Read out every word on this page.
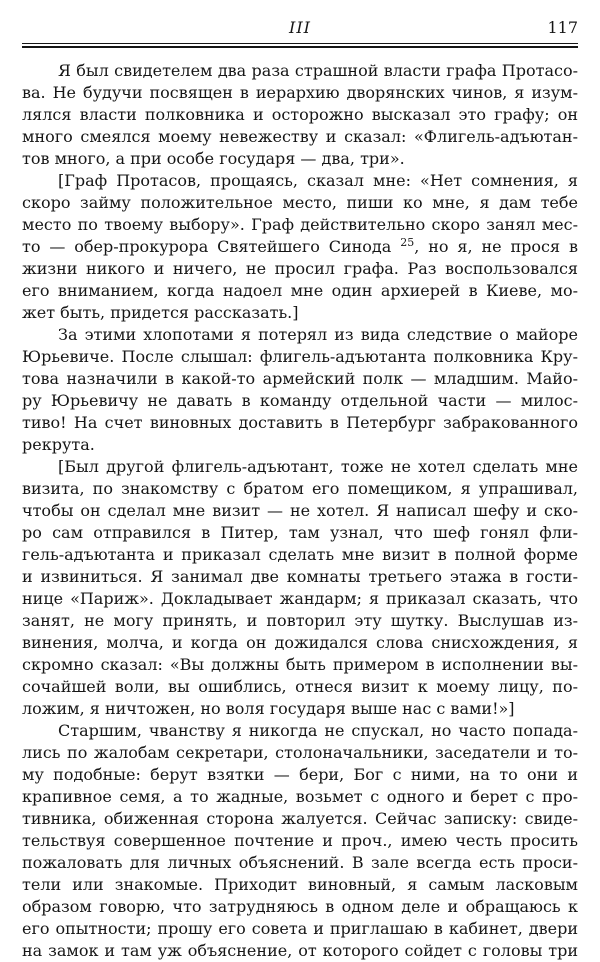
III	117
Я был свидетелем два раза страшной власти графа Протасо-
ва. Не будучи посвящен в иерархию дворянских чинов, я изум-
лялся власти полковника и осторожно высказал это графу; он
много смеялся моему невежеству и сказал: «Флигель-адъютан-
тов много, а при особе государя — два, три».
[Граф Протасов, прощаясь, сказал мне: «Нет сомнения, я
скоро займу положительное место, пиши ко мне, я дам тебе
место по твоему выбору». Граф действительно скоро занял мес-
то — обер-прокурора Святейшего Синода $^{25}$, но я, не прося в
жизни никого и ничего, не просил графа. Раз воспользовался
его вниманием, когда надоел мне один архиерей в Киеве, мо-
жет быть, придется рассказать.]
За этими хлопотами я потерял из вида следствие о майоре
Юрьевиче. После слышал: флигель-адъютанта полковника Кру-
това назначили в какой-то армейский полк — младшим. Майо-
ру Юрьевичу не давать в команду отдельной части — милос-
тиво! На счет виновных доставить в Петербург забракованного
рекрута.
[Был другой флигель-адъютант, тоже не хотел сделать мне
визита, по знакомству с братом его помещиком, я упрашивал,
чтобы он сделал мне визит — не хотел. Я написал шефу и ско-
ро сам отправился в Питер, там узнал, что шеф гонял фли-
гель-адъютанта и приказал сделать мне визит в полной форме
и извиниться. Я занимал две комнаты третьего этажа в гости-
нице «Париж». Докладывает жандарм; я приказал сказать, что
занят, не могу принять, и повторил эту шутку. Выслушав из-
винения, молча, и когда он дожидался слова снисхождения, я
скромно сказал: «Вы должны быть примером в исполнении вы-
сочайшей воли, вы ошиблись, отнеся визит к моему лицу, по-
ложим, я ничтожен, но воля государя выше нас с вами!»]
Старшим, чванству я никогда не спускал, но часто попада-
лись по жалобам секретари, столоначальники, заседатели и то-
му подобные: берут взятки — бери, Бог с ними, на то они и
крапивное семя, а то жадные, возьмет с одного и берет с про-
тивника, обиженная сторона жалуется. Сейчас записку: свиде-
тельствуя совершенное почтение и проч., имею честь просить
пожаловать для личных объяснений. В зале всегда есть проси-
тели или знакомые. Приходит виновный, я самым ласковым
образом говорю, что затрудняюсь в одном деле и обращаюсь к
его опытности; прошу его совета и приглашаю в кабинет, двери
на замок и там уж объяснение, от которого сойдет с головы три
